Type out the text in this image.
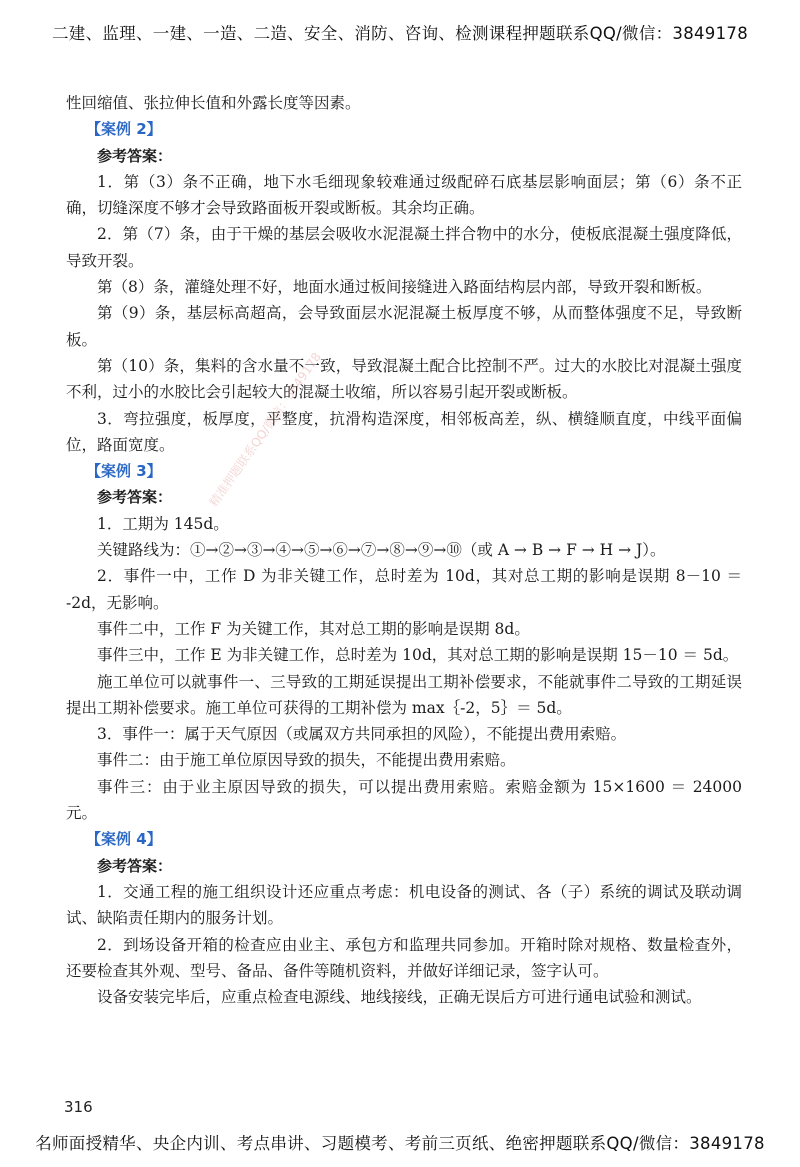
二建、监理、一建、一造、二造、安全、消防、咨询、检测课程押题联系QQ/微信：3849178

性回缩值、张拉伸长值和外露长度等因素。

【案例 2】

参考答案：

1．第（3）条不正确，地下水毛细现象较难通过级配碎石底基层影响面层；第（6）条不正确，切缝深度不够才会导致路面板开裂或断板。其余均正确。

2．第（7）条，由于干燥的基层会吸收水泥混凝土拌合物中的水分，使板底混凝土强度降低，导致开裂。

第（8）条，灌缝处理不好，地面水通过板间接缝进入路面结构层内部，导致开裂和断板。

第（9）条，基层标高超高，会导致面层水泥混凝土板厚度不够，从而整体强度不足，导致断板。

第（10）条，集料的含水量不一致，导致混凝土配合比控制不严。过大的水胶比对混凝土强度不利，过小的水胶比会引起较大的混凝土收缩，所以容易引起开裂或断板。

3．弯拉强度，板厚度，平整度，抗滑构造深度，相邻板高差，纵、横缝顺直度，中线平面偏位，路面宽度。

【案例 3】

参考答案：

1．工期为 145d。

关键路线为：①→②→③→④→⑤→⑥→⑦→⑧→⑨→⑩（或 A → B → F → H → J）。

2．事件一中，工作 D 为非关键工作，总时差为 10d，其对总工期的影响是误期 8－10 ＝ -2d，无影响。

事件二中，工作 F 为关键工作，其对总工期的影响是误期 8d。

事件三中，工作 E 为非关键工作，总时差为 10d，其对总工期的影响是误期 15－10 ＝ 5d。

施工单位可以就事件一、三导致的工期延误提出工期补偿要求，不能就事件二导致的工期延误提出工期补偿要求。施工单位可获得的工期补偿为 max｛-2，5｝＝ 5d。

3．事件一：属于天气原因（或属双方共同承担的风险），不能提出费用索赔。

事件二：由于施工单位原因导致的损失，不能提出费用索赔。

事件三：由于业主原因导致的损失，可以提出费用索赔。索赔金额为 15×1600 ＝ 24000 元。

【案例 4】

参考答案：

1．交通工程的施工组织设计还应重点考虑：机电设备的测试、各（子）系统的调试及联动调试、缺陷责任期内的服务计划。

2．到场设备开箱的检查应由业主、承包方和监理共同参加。开箱时除对规格、数量检查外，还要检查其外观、型号、备品、备件等随机资料，并做好详细记录，签字认可。

设备安装完毕后，应重点检查电源线、地线接线，正确无误后方可进行通电试验和测试。

精准押题联系QQ/微信：3849178
316
名师面授精华、央企内训、考点串讲、习题模考、考前三页纸、绝密押题联系QQ/微信：3849178
